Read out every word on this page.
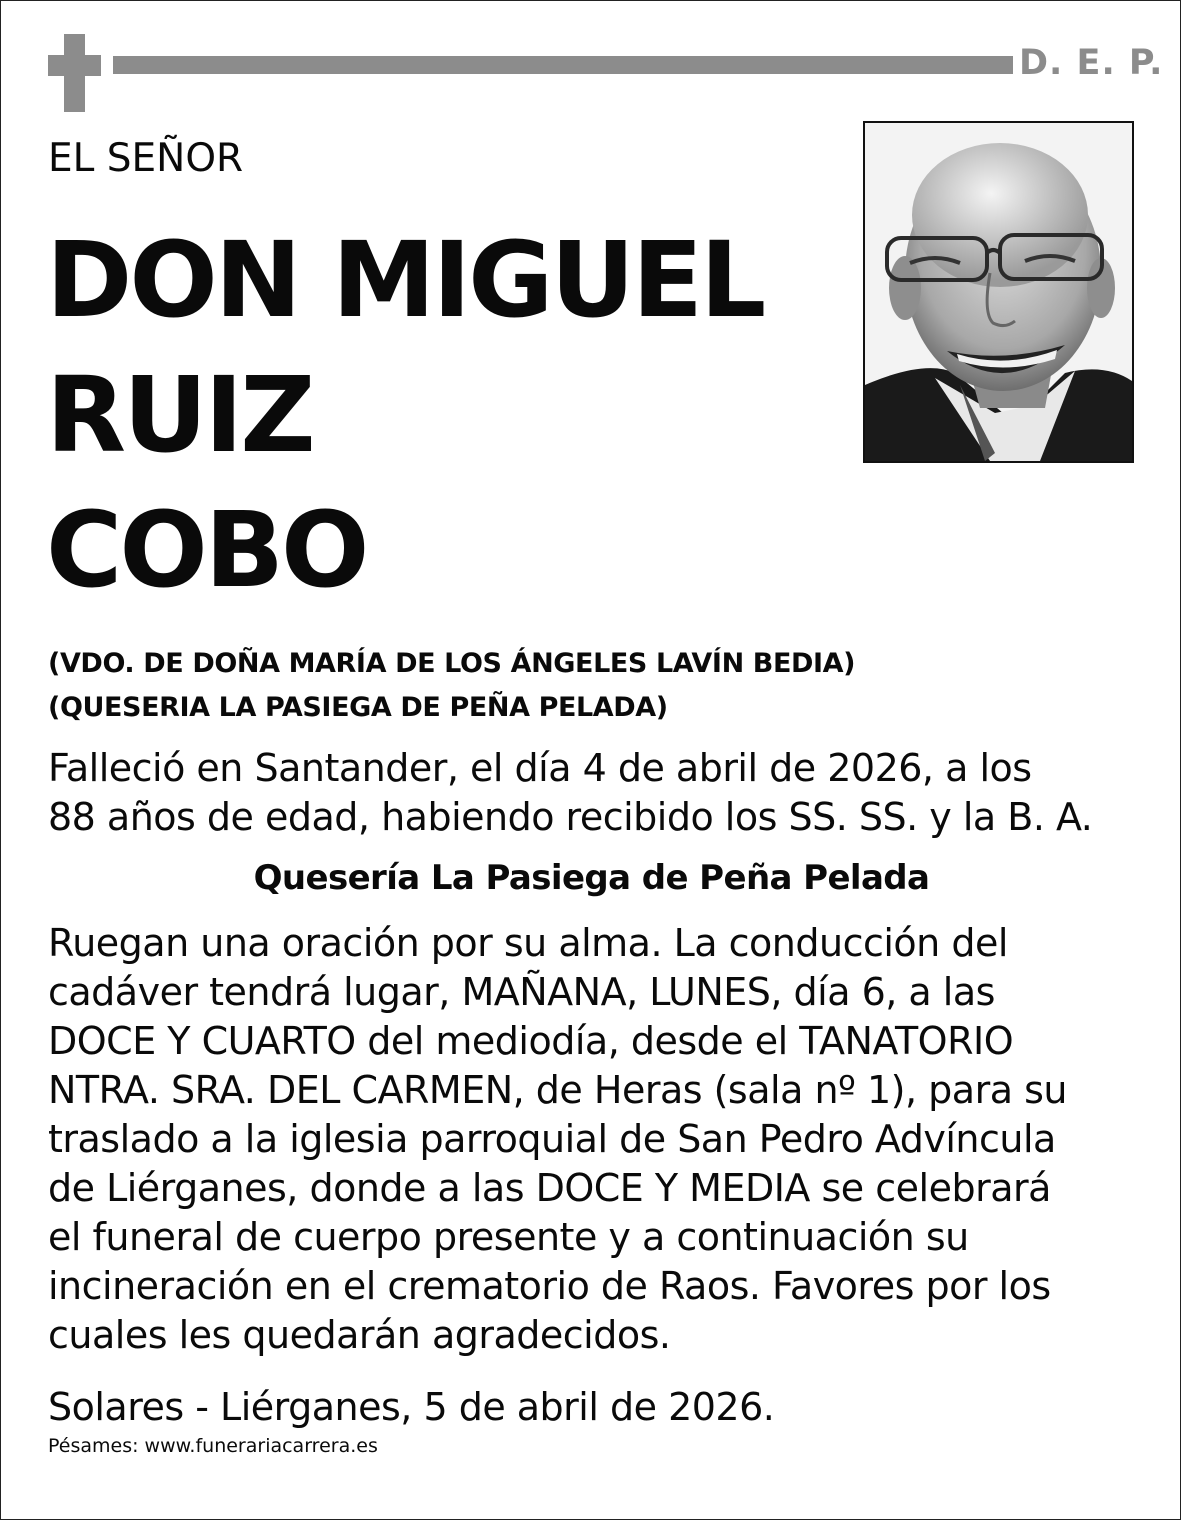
D. E. P.
EL SEÑOR
DON MIGUEL
RUIZ
COBO
(VDO. DE DOÑA MARÍA DE LOS ÁNGELES LAVÍN BEDIA)
(QUESERIA LA PASIEGA DE PEÑA PELADA)
Falleció en Santander, el día 4 de abril de 2026, a los
88 años de edad, habiendo recibido los SS. SS. y la B. A.
Quesería La Pasiega de Peña Pelada
Ruegan una oración por su alma. La conducción del
cadáver tendrá lugar, MAÑANA, LUNES, día 6, a las
DOCE Y CUARTO del mediodía, desde el TANATORIO
NTRA. SRA. DEL CARMEN, de Heras (sala nº 1), para su
traslado a la iglesia parroquial de San Pedro Advíncula
de Liérganes, donde a las DOCE Y MEDIA se celebrará
el funeral de cuerpo presente y a continuación su
incineración en el crematorio de Raos. Favores por los
cuales les quedarán agradecidos.
Solares - Liérganes, 5 de abril de 2026.
Pésames: www.funerariacarrera.es
